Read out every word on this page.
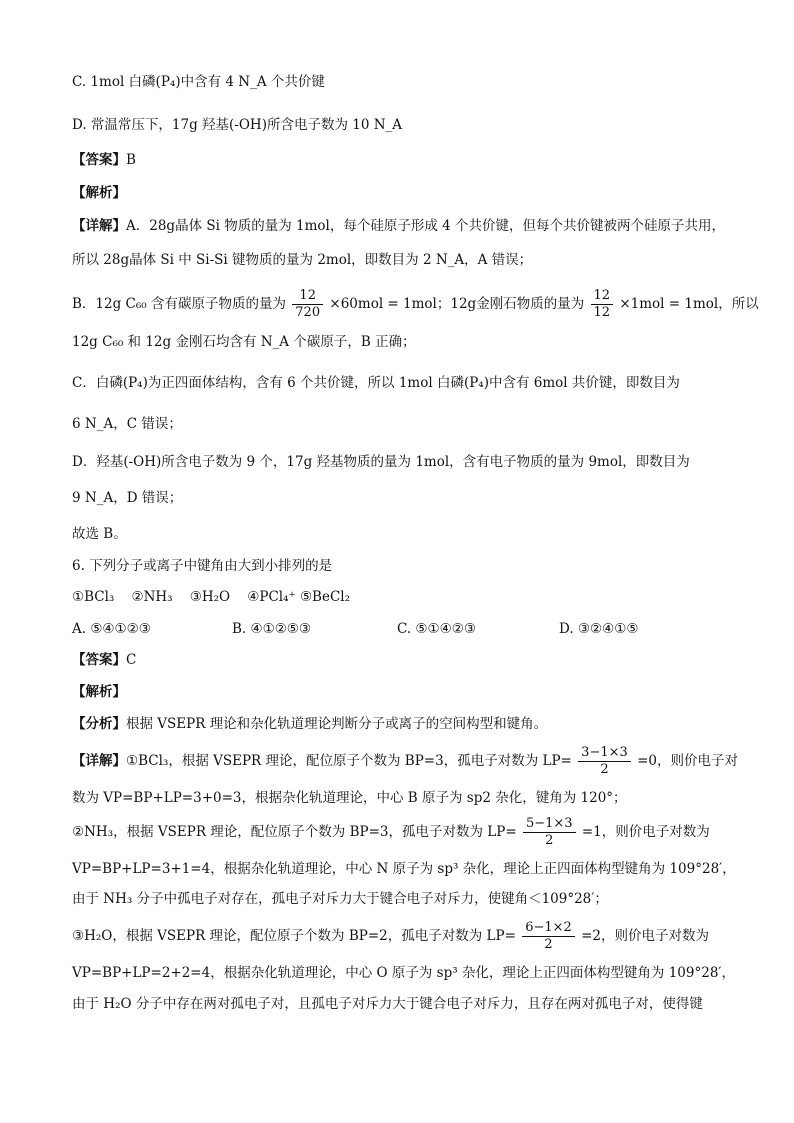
C. 1mol 白磷(P₄)中含有 4 N_A 个共价键
D. 常温常压下，17g 羟基(-OH)所含电子数为 10 N_A
【答案】B
【解析】
【详解】A．28g晶体 Si 物质的量为 1mol，每个硅原子形成 4 个共价键，但每个共价键被两个硅原子共用，
所以 28g晶体 Si 中 Si-Si 键物质的量为 2mol，即数目为 2 N_A，A 错误；
B．12g C₆₀ 含有碳原子物质的量为 $\frac{12}{720} \times 60mol = 1mol$；12g金刚石物质的量为 $\frac{12}{12} \times 1mol = 1mol$，所以
12g C₆₀ 和 12g 金刚石均含有 N_A 个碳原子，B 正确；
C．白磷(P₄)为正四面体结构，含有 6 个共价键，所以 1mol 白磷(P₄)中含有 6mol 共价键，即数目为
6 N_A，C 错误；
D．羟基(-OH)所含电子数为 9 个，17g 羟基物质的量为 1mol，含有电子物质的量为 9mol，即数目为
9 N_A，D 错误；
故选 B。
6. 下列分子或离子中键角由大到小排列的是
①BCl₃    ②NH₃    ③H₂O    ④PCl₄⁺ ⑤BeCl₂
A. ⑤④①②③	B. ④①②⑤③	C. ⑤①④②③	D. ③②④①⑤
【答案】C
【解析】
【分析】根据 VSEPR 理论和杂化轨道理论判断分子或离子的空间构型和键角。
【详解】①BCl₃，根据 VSEPR 理论，配位原子个数为 BP=3，孤电子对数为 $LP= \frac{3-1\times 3}{2} =0$，则价电子对
数为 VP=BP+LP=3+0=3，根据杂化轨道理论，中心 B 原子为 sp2 杂化，键角为 120°；
②NH₃，根据 VSEPR 理论，配位原子个数为 BP=3，孤电子对数为 $LP= \frac{5-1\times 3}{2} =1$，则价电子对数为
VP=BP+LP=3+1=4，根据杂化轨道理论，中心 N 原子为 sp³ 杂化，理论上正四面体构型键角为 109°28′，
由于 NH₃ 分子中孤电子对存在，孤电子对斥力大于键合电子对斥力，使键角＜109°28′；
③H₂O，根据 VSEPR 理论，配位原子个数为 BP=2，孤电子对数为 $LP= \frac{6-1\times 2}{2} =2$，则价电子对数为
VP=BP+LP=2+2=4，根据杂化轨道理论，中心 O 原子为 sp³ 杂化，理论上正四面体构型键角为 109°28′，
由于 H₂O 分子中存在两对孤电子对，且孤电子对斥力大于键合电子对斥力，且存在两对孤电子对，使得键
